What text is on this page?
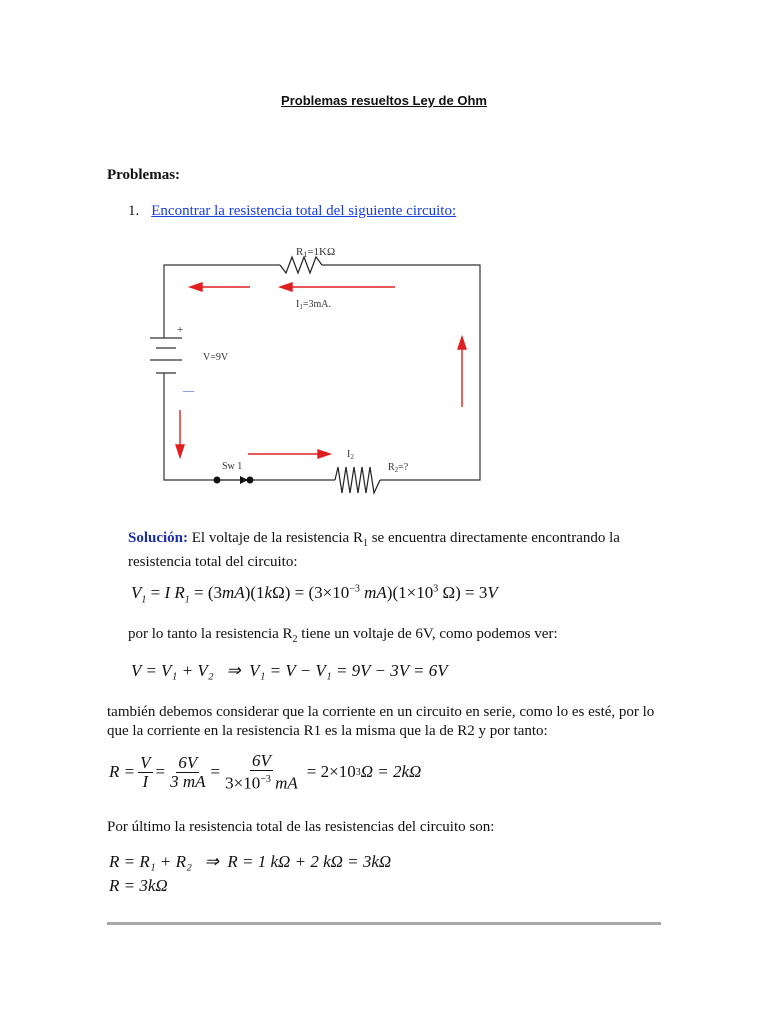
Problemas resueltos Ley de Ohm
Problemas:
1. Encontrar la resistencia total del siguiente circuito:
R1=1KΩ
$I_1=3mA$.
+
V=9V
__
Sw 1
$I_2$
$R_2=$?
Solución: El voltaje de la resistencia $R_1$ se encuentra directamente encontrando la
resistencia total del circuito:
$V_1 = I$ $R_1 = (3mA)(1k\Omega) = (3\times 10^{-3}$ $mA)(1\times 10^3$ Ω) = 3V
por lo tanto la resistencia $R_2$ tiene un voltaje de 6V, como podemos ver:
V = V₁ + V₂   ⇒  V₁ = V − V₁ = 9V − 3V = 6V
también debemos considerar que la corriente en un circuito en serie, como lo es esté, por lo
que la corriente en la resistencia R1 es la misma que la de R2 y por tanto:
$R = \frac{V}{I} = \frac{6V}{3 mA} = \frac{6V}{3\times 10^{-3} mA} = 2\times 10$ 3 Ω = 2kΩ
Por último la resistencia total de las resistencias del circuito son:
R = R₁ + R₂   ⇒  R = 1 kΩ + 2 kΩ = 3kΩ
R = 3kΩ
